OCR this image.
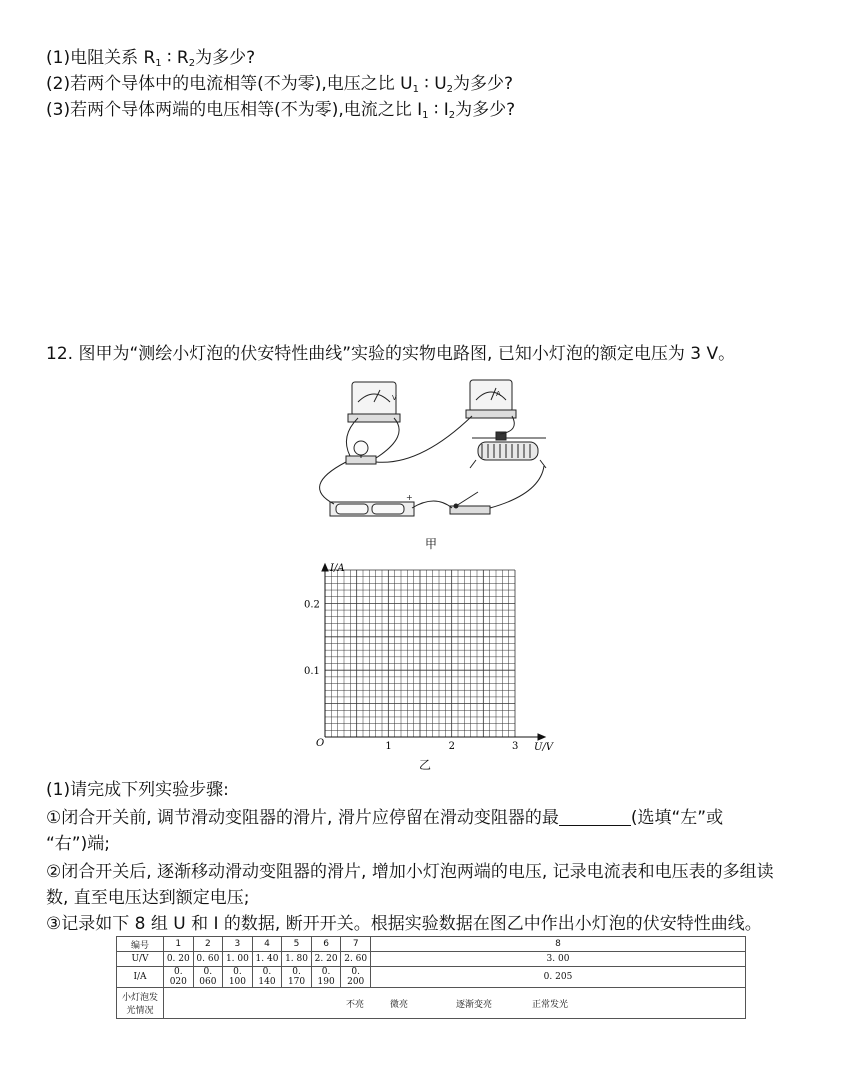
(1)电阻关系 $R_1$ ∶ $R_2$为多少?
(2)若两个导体中的电流相等(不为零),电压之比 $U_1$ ∶ $U_2$为多少?
(3)若两个导体两端的电压相等(不为零),电流之比 $I_1$ ∶ $I_2$为多少?
12. 图甲为“测绘小灯泡的伏安特性曲线”实验的实物电路图, 已知小灯泡的额定电压为 3 V。
+
V	A
甲
I/A
U/V
O	1	2	3
0.1
0.2
乙
(1)请完成下列实验步骤:
①闭合开关前, 调节滑动变阻器的滑片, 滑片应停留在滑动变阻器的最	(选填“左”或
“右”)端;
②闭合开关后, 逐渐移动滑动变阻器的滑片, 增加小灯泡两端的电压, 记录电流表和电压表的多组读
数, 直至电压达到额定电压;
③记录如下 8 组 U 和 I 的数据, 断开开关。根据实验数据在图乙中作出小灯泡的伏安特性曲线。
编号	1	2	3	4	5	6	7	8
U/V	0. 20	0. 60	1. 00	1. 40	1. 80	2. 20	2. 60	3. 00
I/A	0. 020	0. 060	0. 100	0. 140	0. 170	0. 190	0. 200	0. 205
小灯泡发
光情况	不亮 微亮 逐渐变亮 正常发光							
